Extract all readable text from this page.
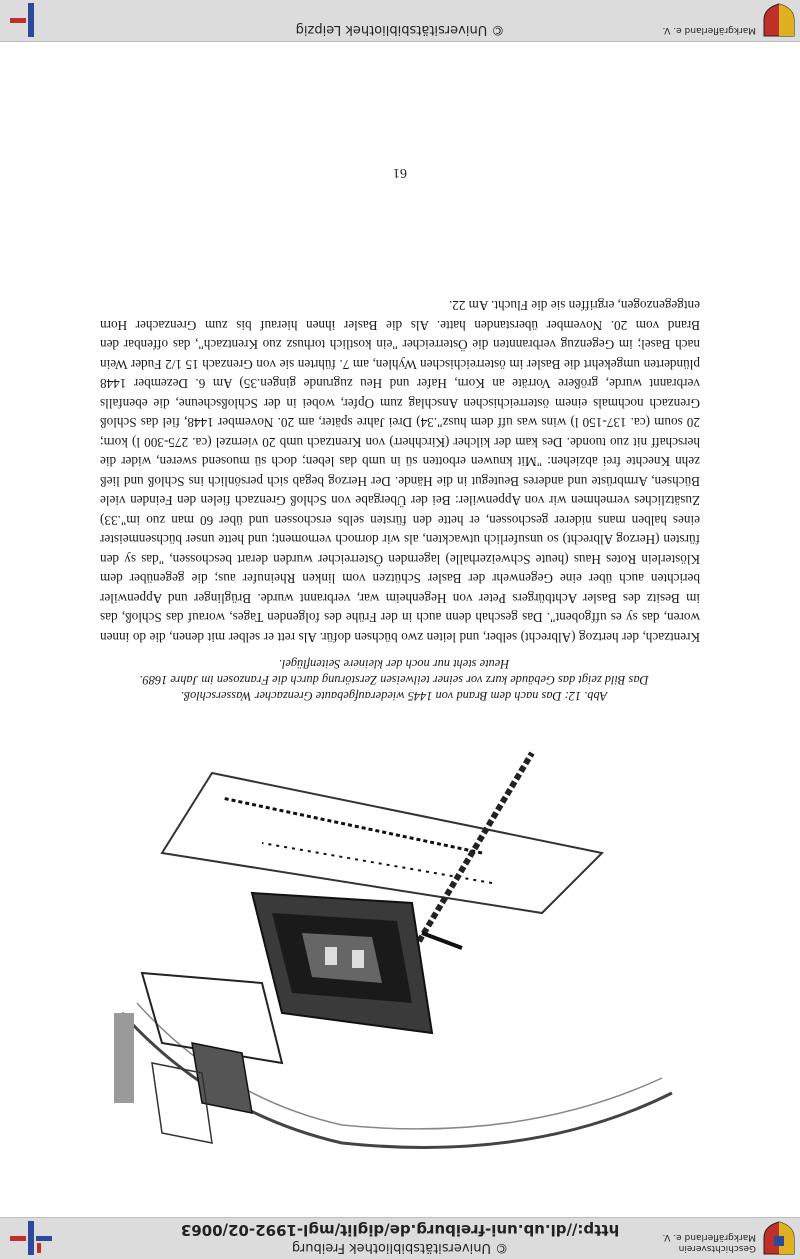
Geschichtsverein
Markgräflerland e. V.
© Universitätsbibliothek Freiburg
http://dl.ub.uni-freiburg.de/diglit/mgl-1992-02/0063
Abb. 12: Das nach dem Brand von 1445 wiederaufgebaute Grenzacher Wasserschloß.
Das Bild zeigt das Gebäude kurz vor seiner teilweisen Zerstörung durch die Franzosen im Jahre 1689.
Heute steht nur noch der kleinere Seitenflügel.

Krentzach, der hertzog (Albrecht) selber, und leiten zwo büchsen dofür. Als rett er selber mit denen, die do innen woren, das sy es uffgobent". Das geschah denn auch in der Frühe des folgenden Tages, worauf das Schloß, das im Besitz des Basler Achtbürgers Peter von Hegenheim war, verbrannt wurde. Brüglinger und Appenwiler berichten auch über eine Gegenwehr der Basler Schützen vom linken Rheinufer aus; die gegenüber dem Klösterlein Rotes Haus (heute Schweizerhalle) lagernden Österreicher wurden derart beschossen, "das sy den fürsten (Herzog Albrecht) so unsuferlich utwackten, als wir dornoch vernoment; und hette unser büchsenmeister eines halben mans niderer geschossen, er hette den fürsten selbs erschossen und über 60 man zuo im".33) Zusätzliches vernehmen wir von Appenwiler: Bei der Übergabe von Schloß Grenzach fielen den Feinden viele Büchsen, Armbrüste und anderes Beutegut in die Hände. Der Herzog begab sich persönlich ins Schloß und ließ zehn Knechte frei abziehen: "Mit knuwen erbotten sü in umb das leben; doch sü muosend sweren, wider die herschaff nit zuo tuonde. Des kam der kilcher (Kirchherr) von Krentzach umb 20 viernzel (ca. 275-300 l) korn; 20 soum (ca. 137-150 l) wins was uff dem husz".34) Drei Jahre später, am 20. November 1448, fiel das Schloß Grenzach nochmals einem österreichischen Anschlag zum Opfer, wobei in der Schloßscheune, die ebenfalls verbrannt wurde, größere Vorräte an Korn, Hafer und Heu zugrunde gingen.35) Am 6. Dezember 1448 plünderten umgekehrt die Basler im österreichischen Wyhlen, am 7. führten sie von Grenzach 15 1/2 Fuder Wein nach Basel; im Gegenzug verbrannten die Österreicher "ein kostlich torhusz zuo Krentzach", das offenbar den Brand vom 20. November überstanden hatte. Als die Basler ihnen hierauf bis zum Grenzacher Horn entgegenzogen, ergriffen sie die Flucht. Am 22.

61
Markgräflerland e. V.
© Universitätsbibliothek Leipzig
